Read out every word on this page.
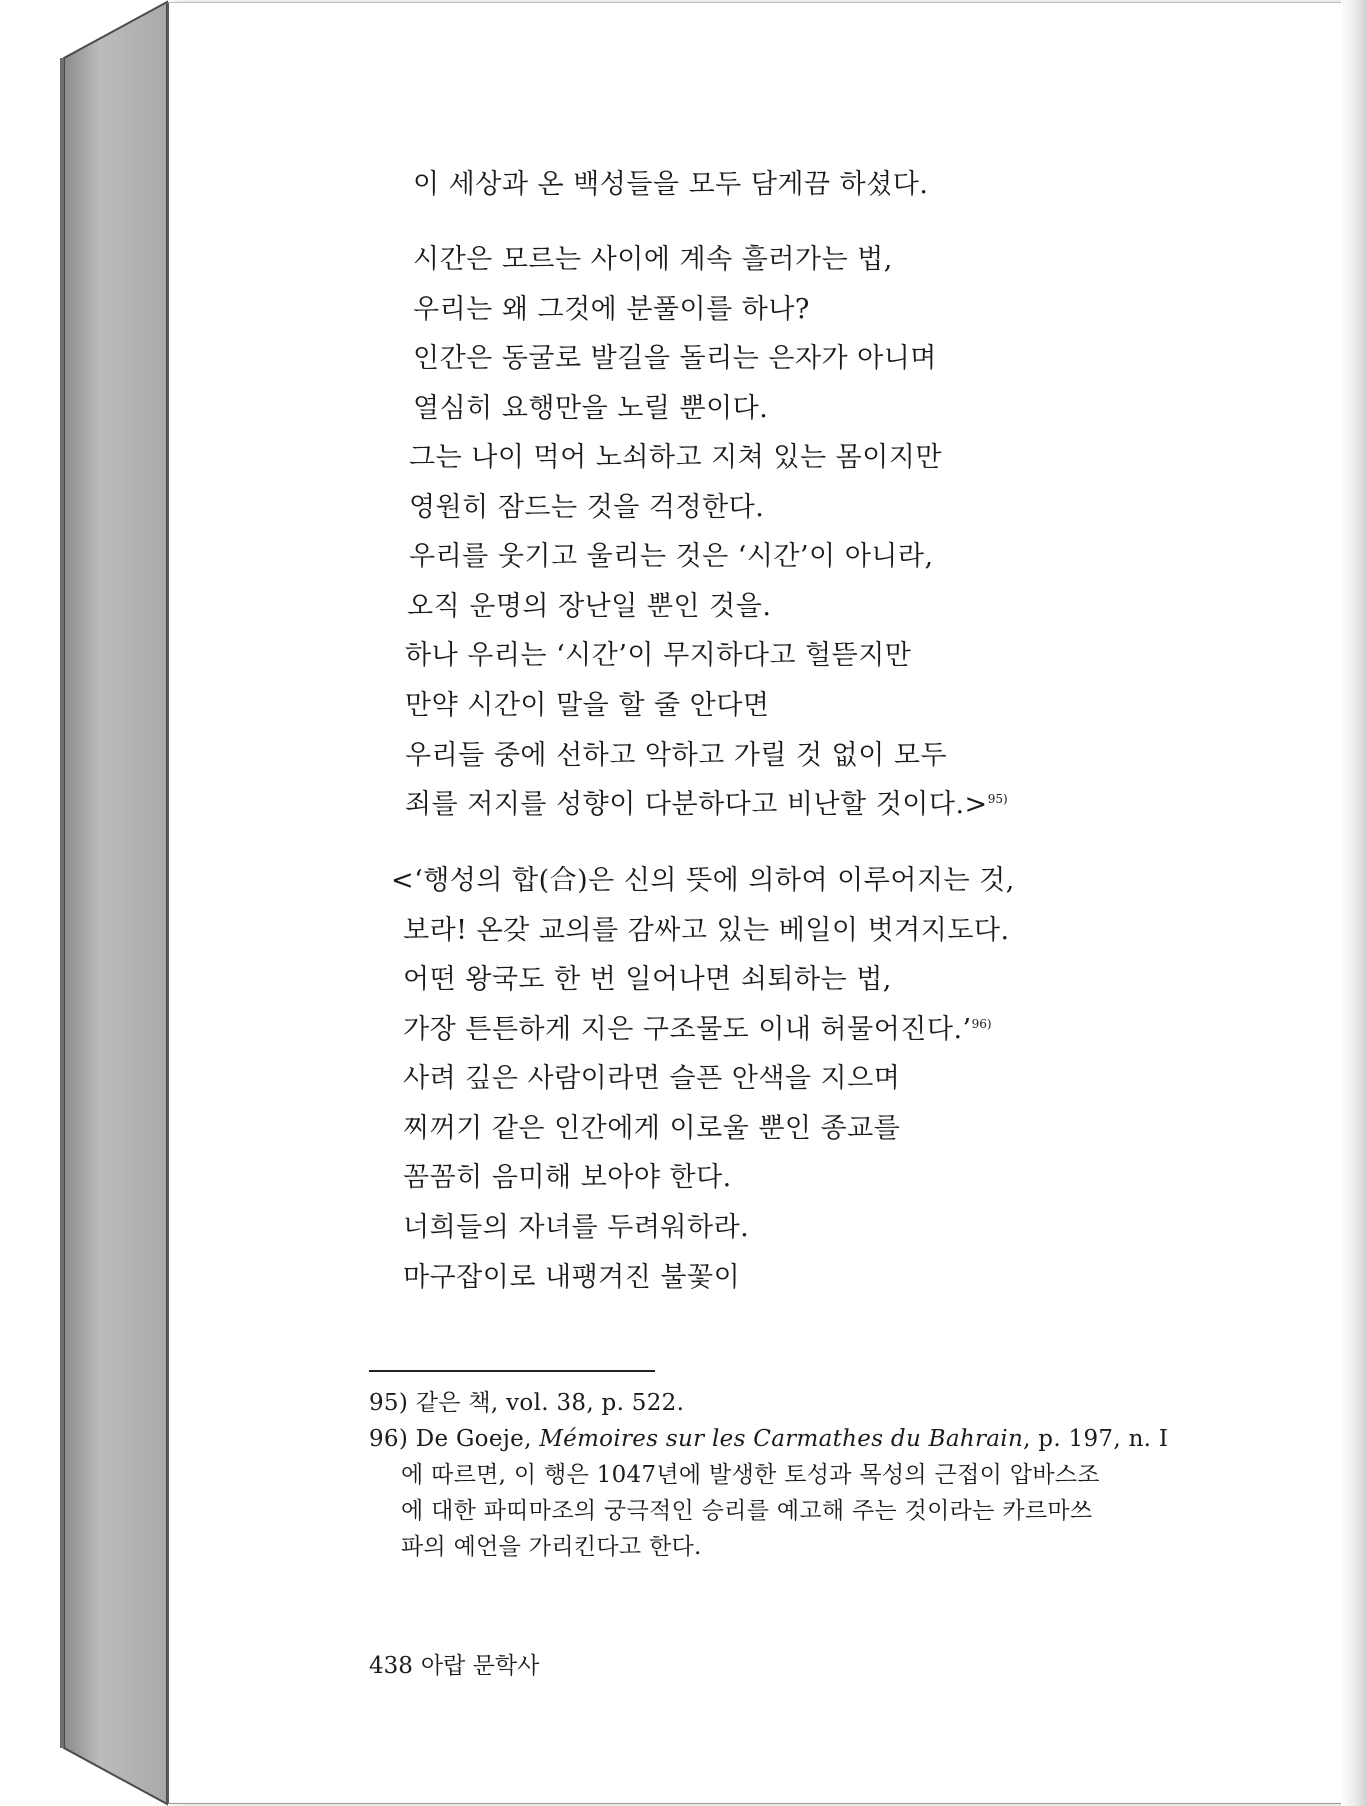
이 세상과 온 백성들을 모두 담게끔 하셨다.
시간은 모르는 사이에 계속 흘러가는 법,
우리는 왜 그것에 분풀이를 하나?
인간은 동굴로 발길을 돌리는 은자가 아니며
열심히 요행만을 노릴 뿐이다.
그는 나이 먹어 노쇠하고 지쳐 있는 몸이지만
영원히 잠드는 것을 걱정한다.
우리를 웃기고 울리는 것은 ‘시간’이 아니라,
오직 운명의 장난일 뿐인 것을.
하나 우리는 ‘시간’이 무지하다고 헐뜯지만
만약 시간이 말을 할 줄 안다면
우리들 중에 선하고 악하고 가릴 것 없이 모두
죄를 저지를 성향이 다분하다고 비난할 것이다.>$^{95)}$
<‘행성의 합(合)은 신의 뜻에 의하여 이루어지는 것,
보라! 온갖 교의를 감싸고 있는 베일이 벗겨지도다.
어떤 왕국도 한 번 일어나면 쇠퇴하는 법,
가장 튼튼하게 지은 구조물도 이내 허물어진다.’$^{96)}$
사려 깊은 사람이라면 슬픈 안색을 지으며
찌꺼기 같은 인간에게 이로울 뿐인 종교를
꼼꼼히 음미해 보아야 한다.
너희들의 자녀를 두려워하라.
마구잡이로 내팽겨진 불꽃이
95) 같은 책, vol. 38, p. 522.
96) De Goeje, Mémoires sur les Carmathes du Bahrain, p. 197, n. I
에 따르면, 이 행은 1047년에 발생한 토성과 목성의 근접이 압바스조
에 대한 파띠마조의 궁극적인 승리를 예고해 주는 것이라는 카르마쓰
파의 예언을 가리킨다고 한다.
438 아랍 문학사
